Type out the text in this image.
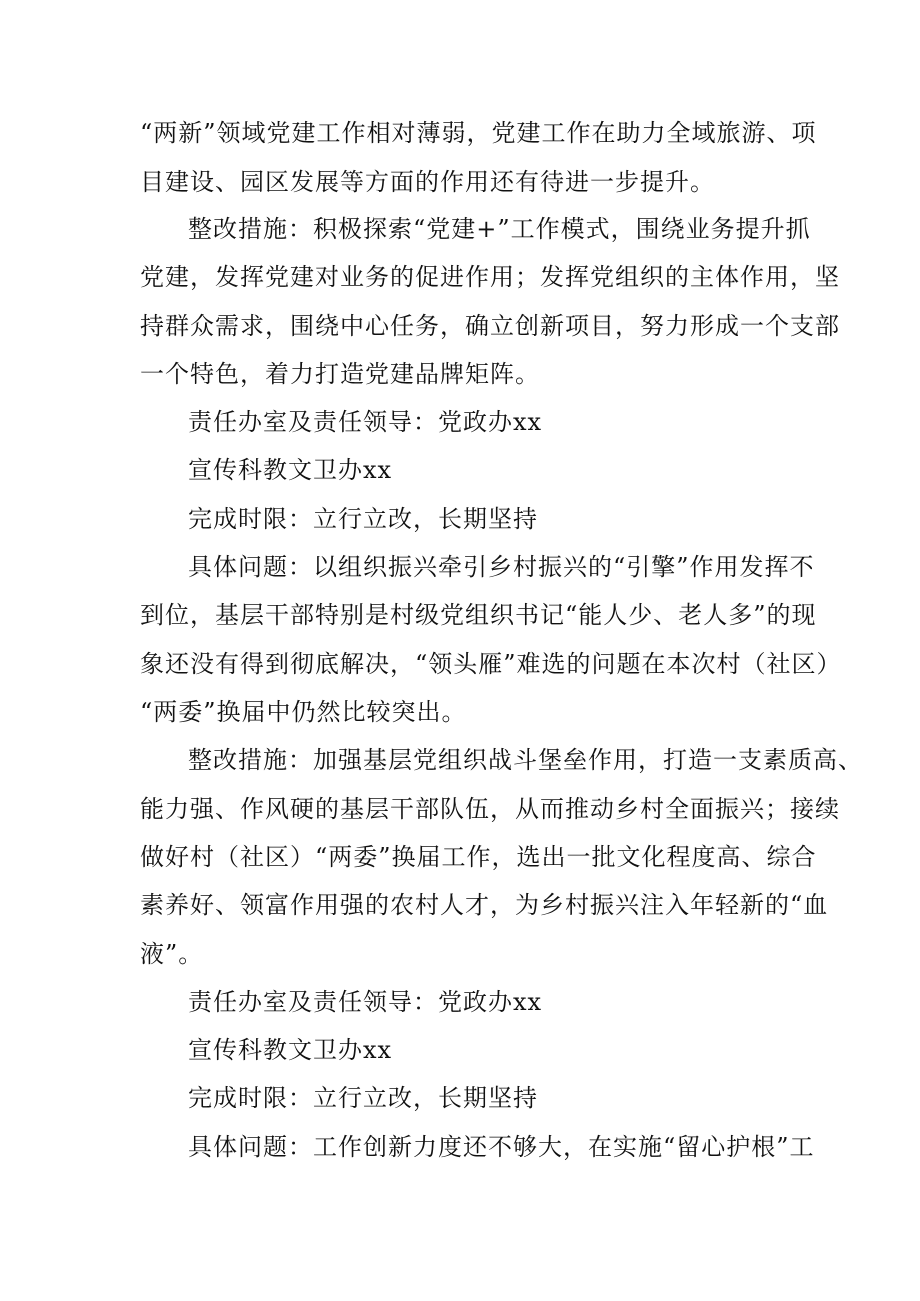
“两新”领域党建工作相对薄弱，党建工作在助力全域旅游、项
目建设、园区发展等方面的作用还有待进一步提升。
整改措施：积极探索“党建+”工作模式，围绕业务提升抓
党建，发挥党建对业务的促进作用；发挥党组织的主体作用，坚
持群众需求，围绕中心任务，确立创新项目，努力形成一个支部
一个特色，着力打造党建品牌矩阵。
责任办室及责任领导：党政办xx
宣传科教文卫办xx
完成时限：立行立改，长期坚持
具体问题：以组织振兴牵引乡村振兴的“引擎”作用发挥不
到位，基层干部特别是村级党组织书记“能人少、老人多”的现
象还没有得到彻底解决，“领头雁”难选的问题在本次村（社区）
“两委”换届中仍然比较突出。
整改措施：加强基层党组织战斗堡垒作用，打造一支素质高、
能力强、作风硬的基层干部队伍，从而推动乡村全面振兴；接续
做好村（社区）“两委”换届工作，选出一批文化程度高、综合
素养好、领富作用强的农村人才，为乡村振兴注入年轻新的“血
液”。
责任办室及责任领导：党政办xx
宣传科教文卫办xx
完成时限：立行立改，长期坚持
具体问题：工作创新力度还不够大，在实施“留心护根”工
